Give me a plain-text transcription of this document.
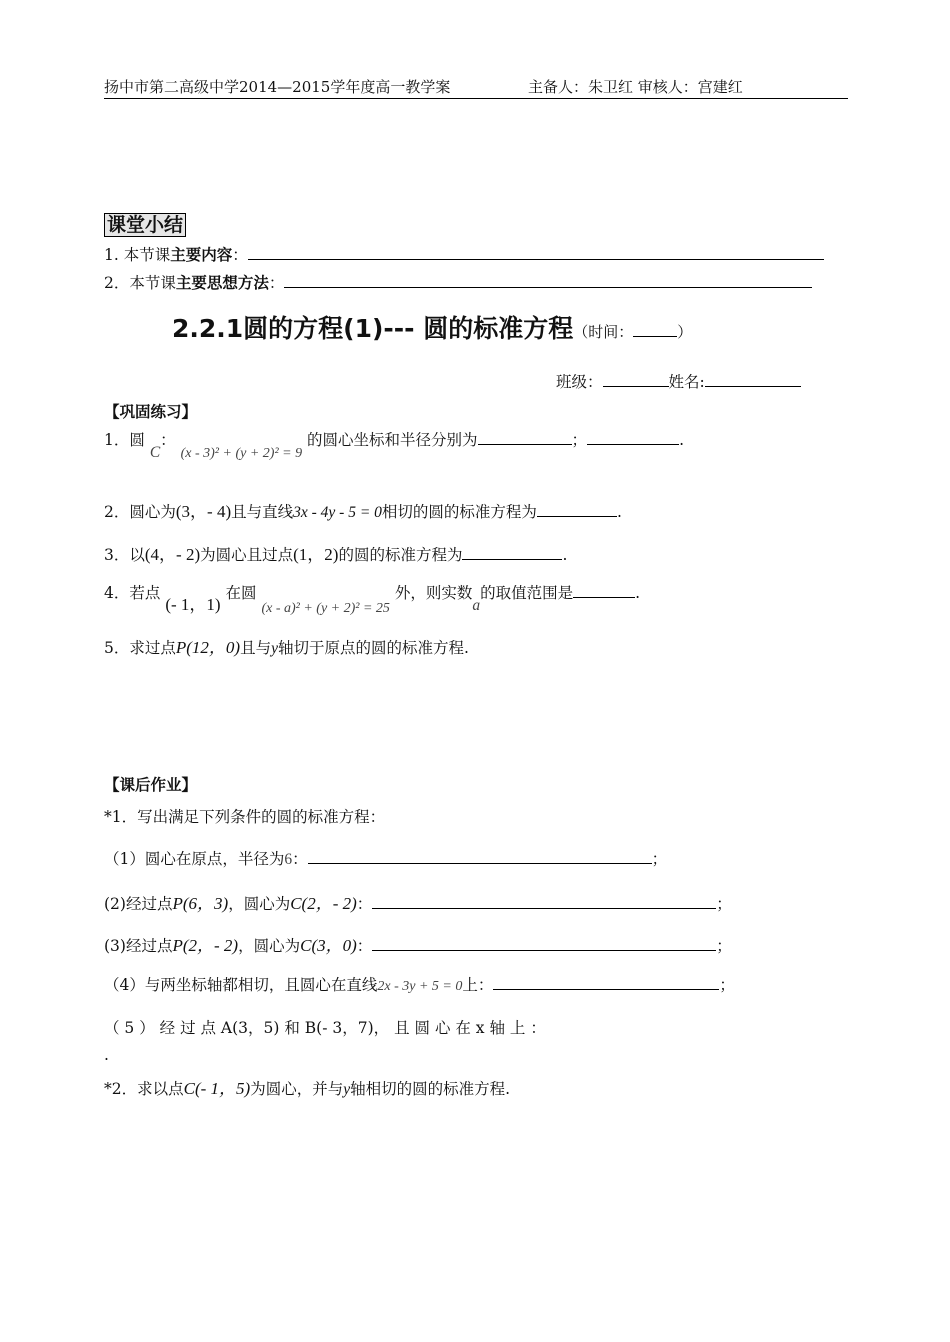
扬中市第二高级中学2014—2015学年度高一教学案	主备人：朱卫红 审核人：宫建红
课堂小结
1. 本节课主要内容：
2．本节课主要思想方法：
2.2.1圆的方程(1)--- 圆的标准方程（时间：	）
班级：	姓名:
【巩固练习】
1．圆 C： (x - 3)² + (y + 2)² = 9 的圆心坐标和半径分别为	；	.
2．圆心为(3，- 4)且与直线3x - 4y - 5 = 0相切的圆的标准方程为	.
3．以(4，- 2)为圆心且过点(1，2)的圆的标准方程为	.
4．若点 (- 1，1) 在圆 (x - a)² + (y + 2)² = 25 外，则实数a的取值范围是	.
5．求过点P(12，0)且与y轴切于原点的圆的标准方程.
【课后作业】
*1．写出满足下列条件的圆的标准方程：
（1）圆心在原点，半径为6：	；
(2)经过点P(6，3)，圆心为C(2，- 2)：	；
(3)经过点P(2，- 2)，圆心为C(3，0)：	；
（4）与两坐标轴都相切，且圆心在直线2x - 3y + 5 = 0上：	；
（ 5 ） 经 过 点 A(3，5) 和 B(- 3，7)， 且 圆 心 在 x 轴 上 ：
.
*2．求以点C(- 1，5)为圆心，并与y轴相切的圆的标准方程.
